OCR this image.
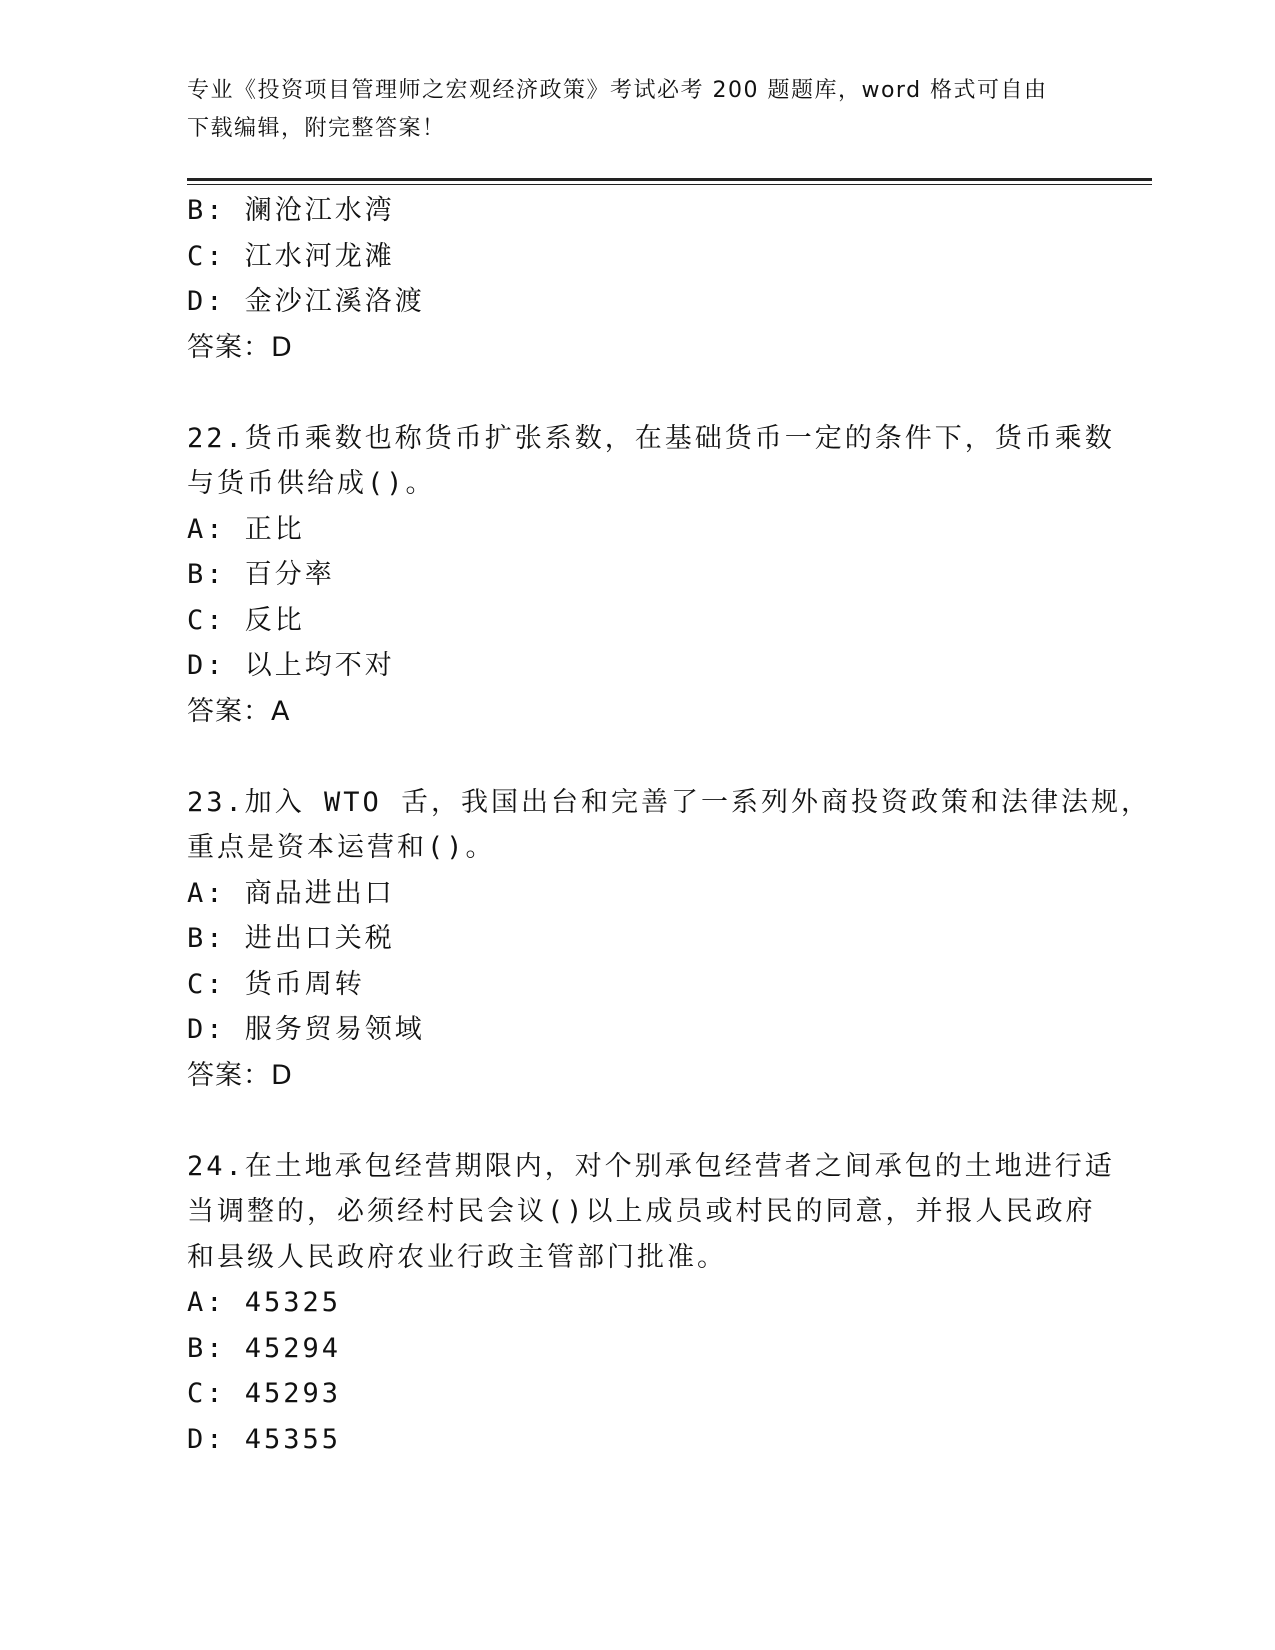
专业《投资项目管理师之宏观经济政策》考试必考 200 题题库，word 格式可自由下载编辑，附完整答案！
B: 澜沧江水湾
C: 江水河龙滩
D: 金沙江溪洛渡
答案：D
22.货币乘数也称货币扩张系数，在基础货币一定的条件下，货币乘数
与货币供给成()。
A: 正比
B: 百分率
C: 反比
D: 以上均不对
答案：A
23.加入 WTO 舌，我国出台和完善了一系列外商投资政策和法律法规，
重点是资本运营和()。
A: 商品进出口
B: 进出口关税
C: 货币周转
D: 服务贸易领域
答案：D
24.在土地承包经营期限内，对个别承包经营者之间承包的土地进行适
当调整的，必须经村民会议()以上成员或村民的同意，并报人民政府
和县级人民政府农业行政主管部门批准。
A: 45325
B: 45294
C: 45293
D: 45355
